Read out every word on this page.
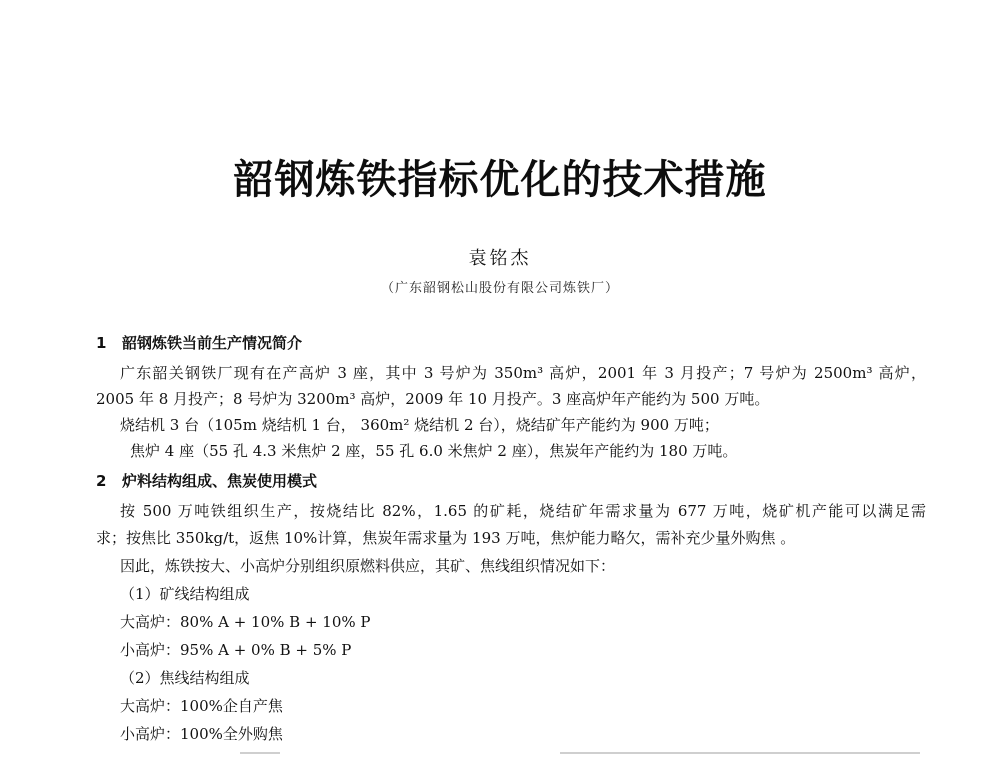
韶钢炼铁指标优化的技术措施
袁铭杰
（广东韶钢松山股份有限公司炼铁厂）
1 韶钢炼铁当前生产情况简介
广东韶关钢铁厂现有在产高炉 3 座，其中 3 号炉为 350m³ 高炉，2001 年 3 月投产；7 号炉为 2500m³ 高炉，
2005 年 8 月投产；8 号炉为 3200m³ 高炉，2009 年 10 月投产。3 座高炉年产能约为 500 万吨。
烧结机 3 台（105m 烧结机 1 台， 360m² 烧结机 2 台），烧结矿年产能约为 900 万吨；
焦炉 4 座（55 孔 4.3 米焦炉 2 座，55 孔 6.0 米焦炉 2 座），焦炭年产能约为 180 万吨。
2 炉料结构组成、焦炭使用模式
按 500 万吨铁组织生产，按烧结比 82%，1.65 的矿耗，烧结矿年需求量为 677 万吨，烧矿机产能可以满足需
求；按焦比 350kg/t，返焦 10%计算，焦炭年需求量为 193 万吨，焦炉能力略欠，需补充少量外购焦 。
因此，炼铁按大、小高炉分别组织原燃料供应，其矿、焦线组织情况如下：
（1）矿线结构组成
大高炉：80% A + 10% B + 10% P
小高炉：95% A + 0% B + 5% P
（2）焦线结构组成
大高炉：100%企自产焦
小高炉：100%全外购焦
